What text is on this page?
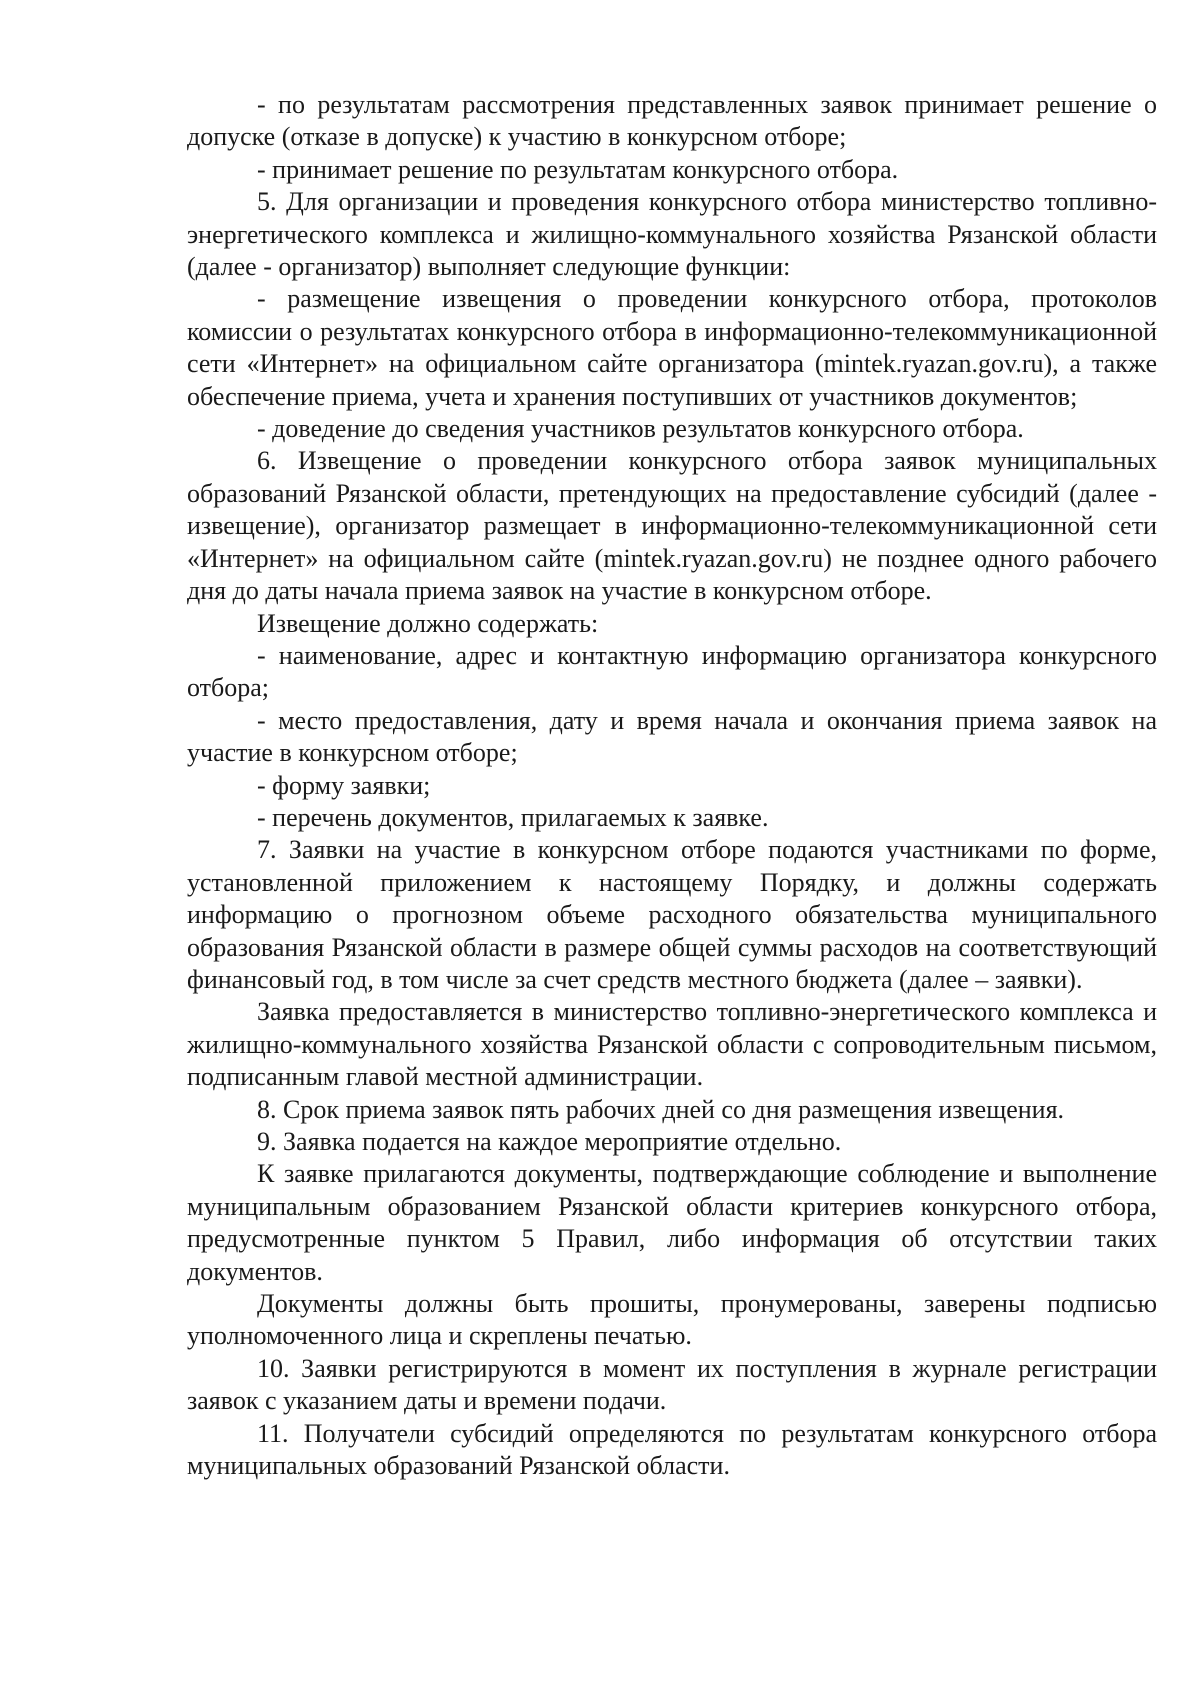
- по результатам рассмотрения представленных заявок принимает решение о допуске (отказе в допуске) к участию в конкурсном отборе;

- принимает решение по результатам конкурсного отбора.

5. Для организации и проведения конкурсного отбора министерство топливно-энергетического комплекса и жилищно-коммунального хозяйства Рязанской области (далее - организатор) выполняет следующие функции:

- размещение извещения о проведении конкурсного отбора, протоколов комиссии о результатах конкурсного отбора в информационно-телекоммуникационной сети «Интернет» на официальном сайте организатора (mintek.ryazan.gov.ru), а также обеспечение приема, учета и хранения поступивших от участников документов;

- доведение до сведения участников результатов конкурсного отбора.

6. Извещение о проведении конкурсного отбора заявок муниципальных образований Рязанской области, претендующих на предоставление субсидий (далее - извещение), организатор размещает в информационно-телекоммуникационной сети «Интернет» на официальном сайте (mintek.ryazan.gov.ru) не позднее одного рабочего дня до даты начала приема заявок на участие в конкурсном отборе.

Извещение должно содержать:

- наименование, адрес и контактную информацию организатора конкурсного отбора;

- место предоставления, дату и время начала и окончания приема заявок на участие в конкурсном отборе;

- форму заявки;

- перечень документов, прилагаемых к заявке.

7. Заявки на участие в конкурсном отборе подаются участниками по форме, установленной приложением к настоящему Порядку, и должны содержать информацию о прогнозном объеме расходного обязательства муниципального образования Рязанской области в размере общей суммы расходов на соответствующий финансовый год, в том числе за счет средств местного бюджета (далее – заявки).

Заявка предоставляется в министерство топливно-энергетического комплекса и жилищно-коммунального хозяйства Рязанской области с сопроводительным письмом, подписанным главой местной администрации.

8. Срок приема заявок пять рабочих дней со дня размещения извещения.

9. Заявка подается на каждое мероприятие отдельно.

К заявке прилагаются документы, подтверждающие соблюдение и выполнение муниципальным образованием Рязанской области критериев конкурсного отбора, предусмотренные пунктом 5 Правил, либо информация об отсутствии таких документов.

Документы должны быть прошиты, пронумерованы, заверены подписью уполномоченного лица и скреплены печатью.

10. Заявки регистрируются в момент их поступления в журнале регистрации заявок с указанием даты и времени подачи.

11. Получатели субсидий определяются по результатам конкурсного отбора муниципальных образований Рязанской области.
